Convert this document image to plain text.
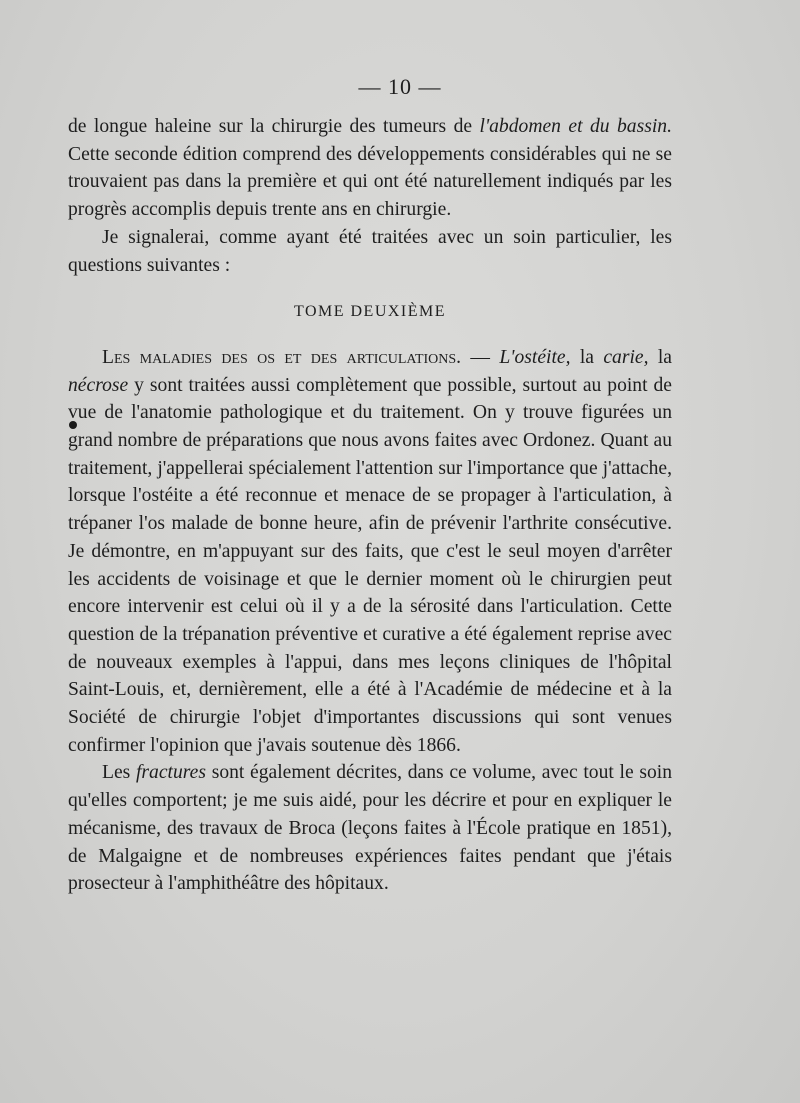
— 10 —

de longue haleine sur la chirurgie des tumeurs de l'abdomen et du bassin. Cette seconde édition comprend des développements considérables qui ne se trouvaient pas dans la première et qui ont été naturellement indiqués par les progrès accomplis depuis trente ans en chirurgie.

Je signalerai, comme ayant été traitées avec un soin particulier, les questions suivantes :

TOME DEUXIÈME

Les maladies des os et des articulations. — L'ostéite, la carie, la nécrose y sont traitées aussi complètement que possible, surtout au point de vue de l'anatomie pathologique et du traitement. On y trouve figurées un grand nombre de préparations que nous avons faites avec Ordonez. Quant au traitement, j'appellerai spécialement l'attention sur l'importance que j'attache, lorsque l'ostéite a été reconnue et menace de se propager à l'articulation, à trépaner l'os malade de bonne heure, afin de prévenir l'arthrite consécutive. Je démontre, en m'appuyant sur des faits, que c'est le seul moyen d'arrêter les accidents de voisinage et que le dernier moment où le chirurgien peut encore intervenir est celui où il y a de la sérosité dans l'articulation. Cette question de la trépanation préventive et curative a été également reprise avec de nouveaux exemples à l'appui, dans mes leçons cliniques de l'hôpital Saint-Louis, et, dernièrement, elle a été à l'Académie de médecine et à la Société de chirurgie l'objet d'importantes discussions qui sont venues confirmer l'opinion que j'avais soutenue dès 1866.

Les fractures sont également décrites, dans ce volume, avec tout le soin qu'elles comportent; je me suis aidé, pour les décrire et pour en expliquer le mécanisme, des travaux de Broca (leçons faites à l'École pratique en 1851), de Malgaigne et de nombreuses expériences faites pendant que j'étais prosecteur à l'amphithéâtre des hôpitaux.
